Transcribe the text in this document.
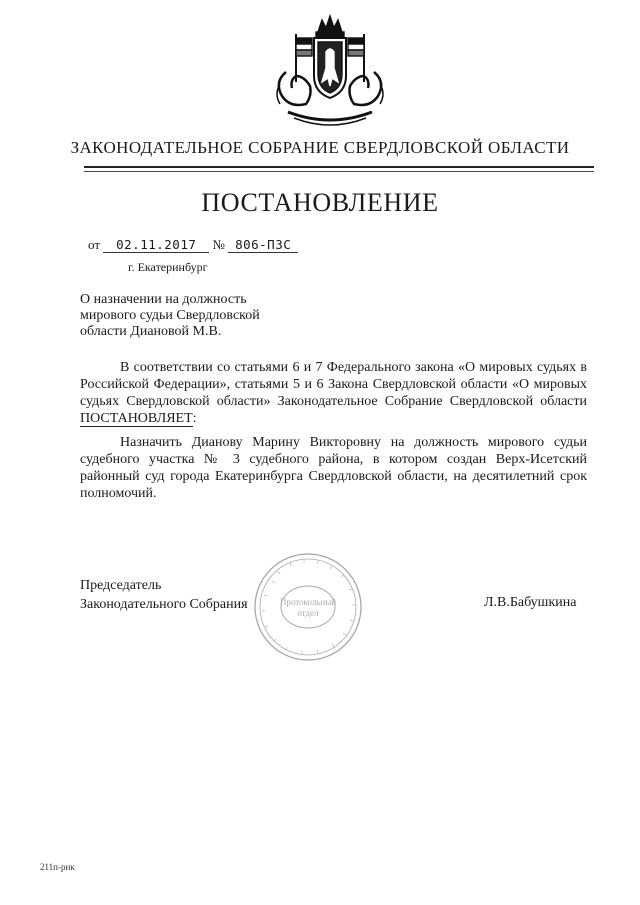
ЗАКОНОДАТЕЛЬНОЕ СОБРАНИЕ СВЕРДЛОВСКОЙ ОБЛАСТИ
ПОСТАНОВЛЕНИЕ
от 02.11.2017 № 806-ПЗС
г. Екатеринбург
О назначении на должность
мирового судьи Свердловской
области Диановой М.В.
В соответствии со статьями 6 и 7 Федерального закона «О мировых судьях в Российской Федерации», статьями 5 и 6 Закона Свердловской области «О мировых судьях Свердловской области» Законодательное Собрание Свердловской области ПОСТАНОВЛЯЕТ:
Назначить Дианову Марину Викторовну на должность мирового судьи судебного участка № 3 судебного района, в котором создан Верх-Исетский районный суд города Екатеринбурга Свердловской области, на десятилетний срок полномочий.
Протокольный
отдел
Председатель
Законодательного Собрания	Л.В.Бабушкина
211п-рнк
